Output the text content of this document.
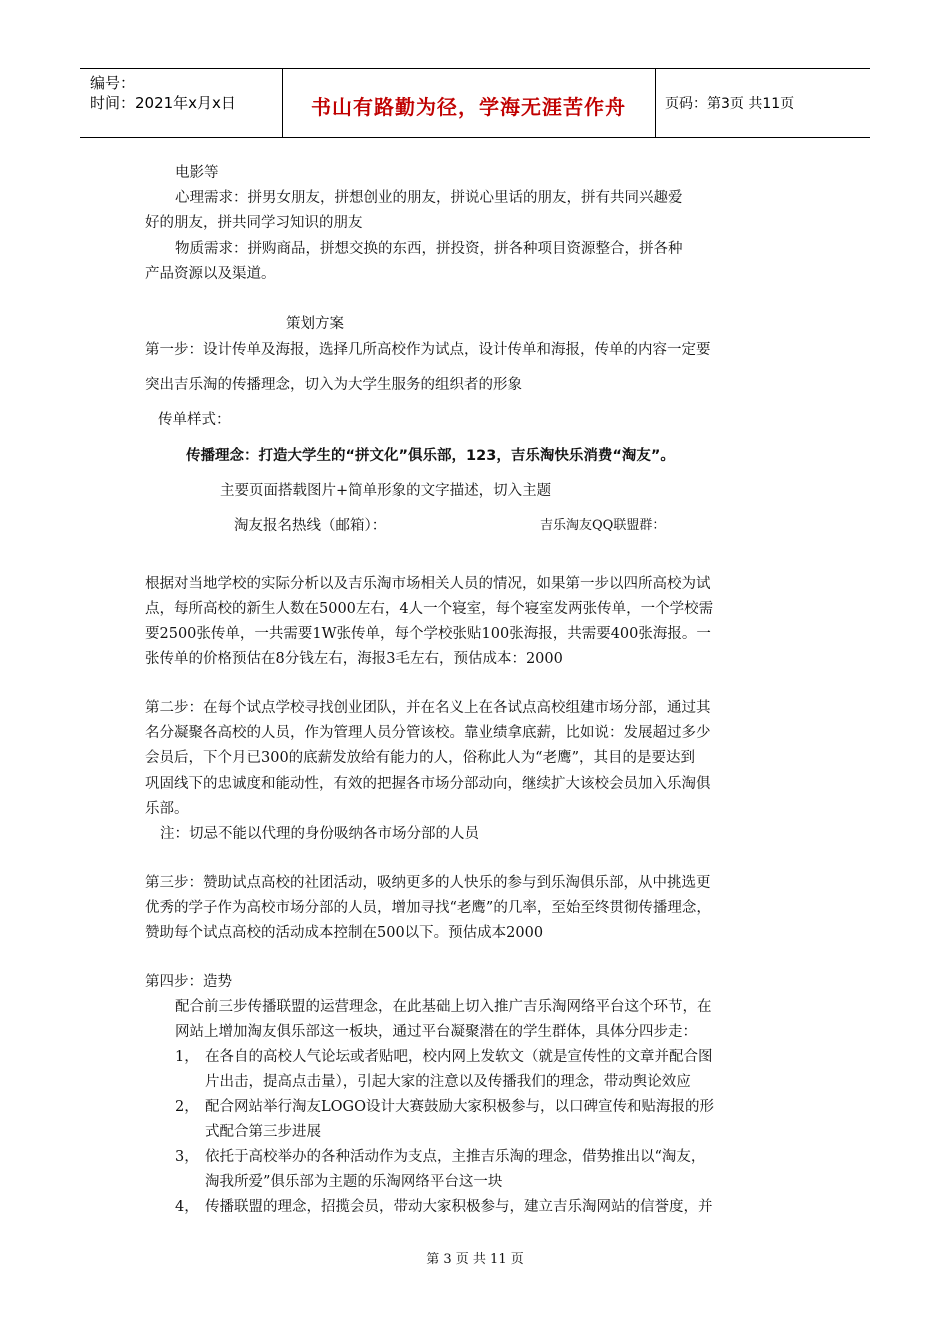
编号：
时间：2021年x月x日	书山有路勤为径，学海无涯苦作舟	页码：第3页 共11页
电影等
心理需求：拼男女朋友，拼想创业的朋友，拼说心里话的朋友，拼有共同兴趣爱
好的朋友，拼共同学习知识的朋友
物质需求：拼购商品，拼想交换的东西，拼投资，拼各种项目资源整合，拼各种
产品资源以及渠道。
策划方案
第一步：设计传单及海报，选择几所高校作为试点，设计传单和海报，传单的内容一定要
突出吉乐淘的传播理念，切入为大学生服务的组织者的形象
传单样式：
传播理念：打造大学生的“拼文化”俱乐部，123，吉乐淘快乐消费“淘友”。
主要页面搭载图片+简单形象的文字描述，切入主题
淘友报名热线（邮箱）：	吉乐淘友QQ联盟群：
根据对当地学校的实际分析以及吉乐淘市场相关人员的情况，如果第一步以四所高校为试
点，每所高校的新生人数在5000左右，4人一个寝室，每个寝室发两张传单，一个学校需
要2500张传单，一共需要1W张传单，每个学校张贴100张海报，共需要400张海报。一
张传单的价格预估在8分钱左右，海报3毛左右，预估成本：2000
第二步：在每个试点学校寻找创业团队，并在名义上在各试点高校组建市场分部，通过其
名分凝聚各高校的人员，作为管理人员分管该校。靠业绩拿底薪，比如说：发展超过多少
会员后，下个月已300的底薪发放给有能力的人，俗称此人为“老鹰”，其目的是要达到
巩固线下的忠诚度和能动性，有效的把握各市场分部动向，继续扩大该校会员加入乐淘俱
乐部。
注：切忌不能以代理的身份吸纳各市场分部的人员
第三步：赞助试点高校的社团活动，吸纳更多的人快乐的参与到乐淘俱乐部，从中挑选更
优秀的学子作为高校市场分部的人员，增加寻找“老鹰”的几率，至始至终贯彻传播理念，
赞助每个试点高校的活动成本控制在500以下。预估成本2000
第四步：造势
配合前三步传播联盟的运营理念，在此基础上切入推广吉乐淘网络平台这个环节，在
网站上增加淘友俱乐部这一板块，通过平台凝聚潜在的学生群体，具体分四步走：
1， 在各自的高校人气论坛或者贴吧，校内网上发软文（就是宣传性的文章并配合图
片出击，提高点击量），引起大家的注意以及传播我们的理念，带动舆论效应
2， 配合网站举行淘友LOGO设计大赛鼓励大家积极参与，以口碑宣传和贴海报的形
式配合第三步进展
3， 依托于高校举办的各种活动作为支点，主推吉乐淘的理念，借势推出以“淘友，
淘我所爱”俱乐部为主题的乐淘网络平台这一块
4， 传播联盟的理念，招揽会员，带动大家积极参与，建立吉乐淘网站的信誉度，并
第 3 页 共 11 页
